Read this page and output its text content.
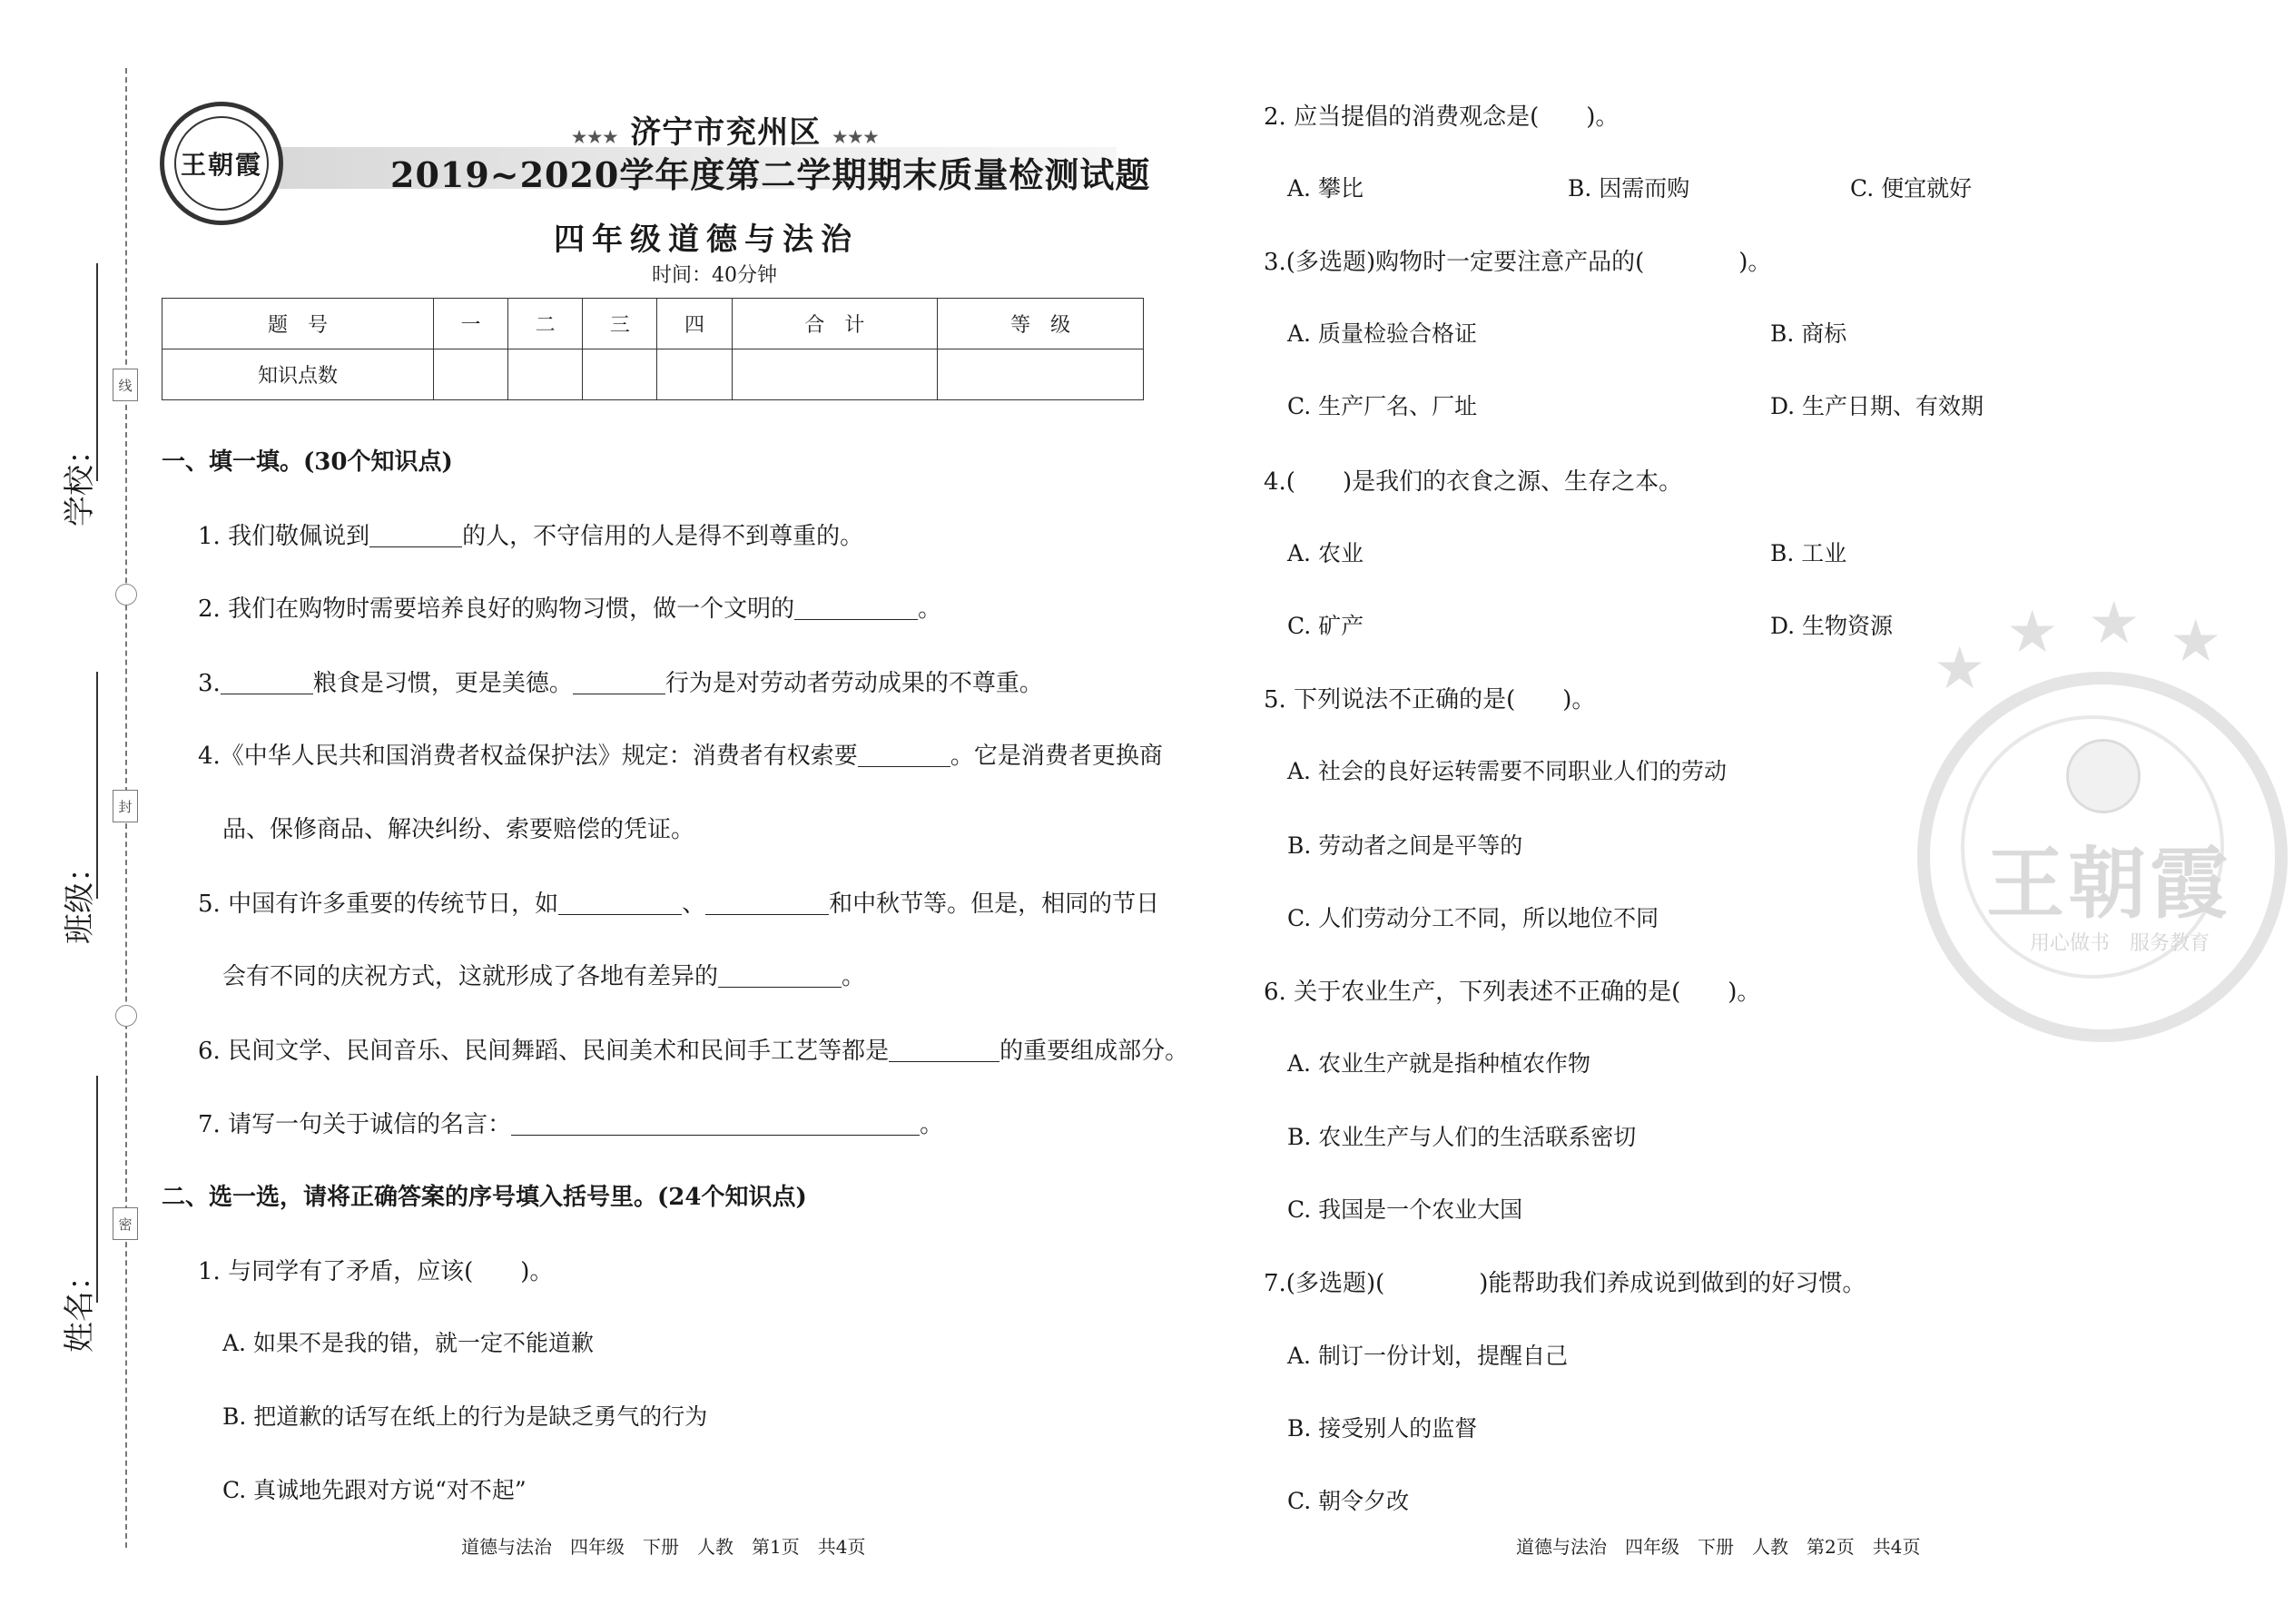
线
封
密
学校：
班级：
姓名：
王朝霞
★★★ 济宁市兖州区 ★★★
2019~2020学年度第二学期期末质量检测试题
四年级道德与法治
时间：40分钟
题　号	一	二	三	四	合　计	等　级
知识点数						
一、填一填。(30个知识点)
1. 我们敬佩说到	的人，不守信用的人是得不到尊重的。
2. 我们在购物时需要培养良好的购物习惯，做一个文明的	。
3.	粮食是习惯，更是美德。	行为是对劳动者劳动成果的不尊重。
4.《中华人民共和国消费者权益保护法》规定：消费者有权索要	。它是消费者更换商
品、保修商品、解决纠纷、索要赔偿的凭证。
5. 中国有许多重要的传统节日，如	、	和中秋节等。但是，相同的节日
会有不同的庆祝方式，这就形成了各地有差异的	。
6. 民间文学、民间音乐、民间舞蹈、民间美术和民间手工艺等都是	的重要组成部分。
7. 请写一句关于诚信的名言：	。
二、选一选，请将正确答案的序号填入括号里。(24个知识点)
1. 与同学有了矛盾，应该(　　)。
A. 如果不是我的错，就一定不能道歉
B. 把道歉的话写在纸上的行为是缺乏勇气的行为
C. 真诚地先跟对方说“对不起”
2. 应当提倡的消费观念是(　　)。
A. 攀比	B. 因需而购	C. 便宜就好
3.(多选题)购物时一定要注意产品的(　　　　)。
A. 质量检验合格证	B. 商标
C. 生产厂名、厂址	D. 生产日期、有效期
4.(　　)是我们的衣食之源、生存之本。
A. 农业	B. 工业
C. 矿产	D. 生物资源
5. 下列说法不正确的是(　　)。
A. 社会的良好运转需要不同职业人们的劳动
B. 劳动者之间是平等的
C. 人们劳动分工不同，所以地位不同
6. 关于农业生产，下列表述不正确的是(　　)。
A. 农业生产就是指种植农作物
B. 农业生产与人们的生活联系密切
C. 我国是一个农业大国
7.(多选题)(　　　　)能帮助我们养成说到做到的好习惯。
A. 制订一份计划，提醒自己
B. 接受别人的监督
C. 朝令夕改
王朝霞
用心做书　服务教育
★
★ ★ ★
道德与法治　四年级　下册　人教　第1页　共4页	道德与法治　四年级　下册　人教　第2页　共4页
